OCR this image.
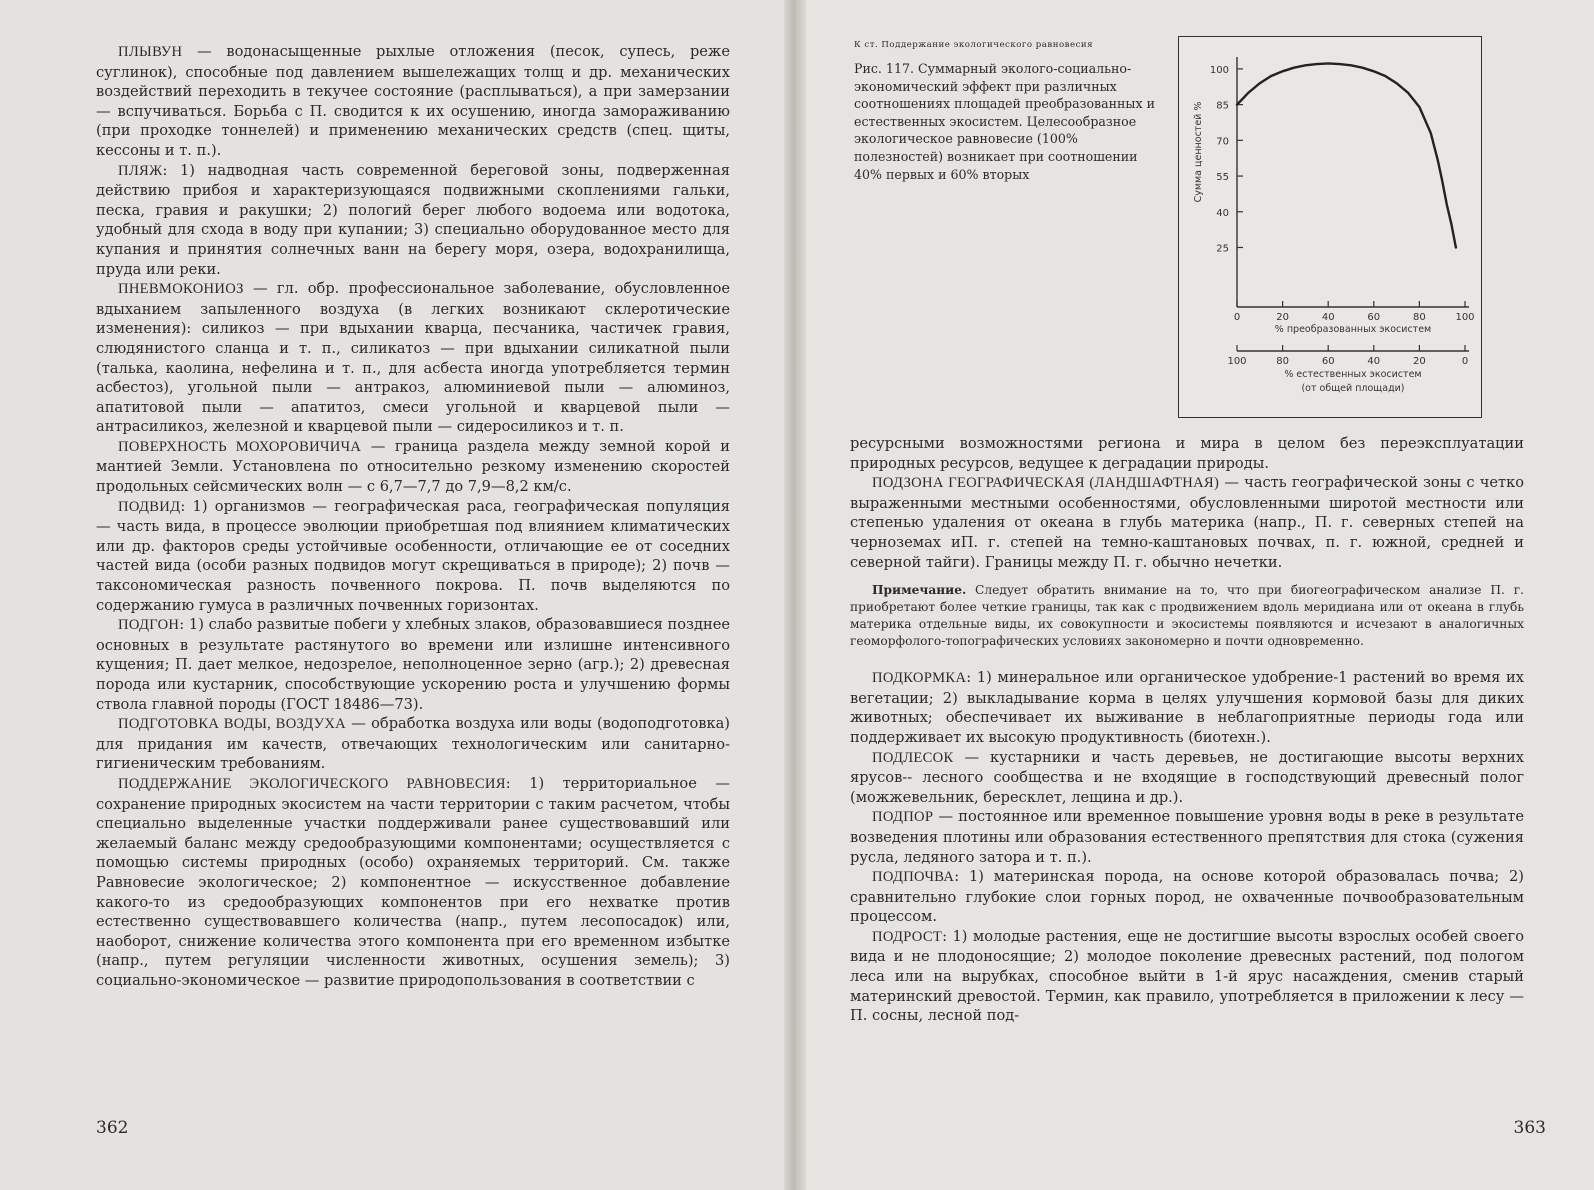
ПЛЫВУН — водонасыщенные рыхлые отложения (песок, супесь, реже суглинок), способные под давлением вышележащих толщ и др. механических воздействий переходить в текучее состояние (расплываться), а при замерзании — вспучиваться. Борьба с П. сводится к их осушению, иногда замораживанию (при проходке тоннелей) и применению механических средств (спец. щиты, кессоны и т. п.).

ПЛЯЖ: 1) надводная часть современной береговой зоны, подверженная действию прибоя и характеризующаяся подвижными скоплениями гальки, песка, гравия и ракушки; 2) пологий берег любого водоема или водотока, удобный для схода в воду при купании; 3) специально оборудованное место для купания и принятия солнечных ванн на берегу моря, озера, водохранилища, пруда или реки.

ПНЕВМОКОНИОЗ — гл. обр. профессиональное заболевание, обусловленное вдыханием запыленного воздуха (в легких возникают склеротические изменения): силикоз — при вдыхании кварца, песчаника, частичек гравия, слюдянистого сланца и т. п., силикатоз — при вдыхании силикатной пыли (талька, каолина, нефелина и т. п., для асбеста иногда употребляется термин асбестоз), угольной пыли — антракоз, алюминиевой пыли — алюминоз, апатитовой пыли — апатитоз, смеси угольной и кварцевой пыли — антрасиликоз, железной и кварцевой пыли — сидеросиликоз и т. п.

ПОВЕРХНОСТЬ МОХОРОВИЧИЧА — граница раздела между земной корой и мантией Земли. Установлена по относительно резкому изменению скоростей продольных сейсмических волн — с 6,7—7,7 до 7,9—8,2 км/с.

ПОДВИД: 1) организмов — географическая раса, географическая популяция — часть вида, в процессе эволюции приобретшая под влиянием климатических или др. факторов среды устойчивые особенности, отличающие ее от соседних частей вида (особи разных подвидов могут скрещиваться в природе); 2) почв — таксономическая разность почвенного покрова. П. почв выделяются по содержанию гумуса в различных почвенных горизонтах.

ПОДГОН: 1) слабо развитые побеги у хлебных злаков, образовавшиеся позднее основных в результате растянутого во времени или излишне интенсивного кущения; П. дает мелкое, недозрелое, неполноценное зерно (агр.); 2) древесная порода или кустарник, способствующие ускорению роста и улучшению формы ствола главной породы (ГОСТ 18486—73).

ПОДГОТОВКА ВОДЫ, ВОЗДУХА — обработка воздуха или воды (водоподготовка) для придания им качеств, отвечающих технологическим или санитарно-гигиеническим требованиям.

ПОДДЕРЖАНИЕ ЭКОЛОГИЧЕСКОГО РАВНОВЕСИЯ: 1) территориальное — сохранение природных экосистем на части территории с таким расчетом, чтобы специально выделенные участки поддерживали ранее существовавший или желаемый баланс между средообразующими компонентами; осуществляется с помощью системы природных (особо) охраняемых территорий. См. также Равновесие экологическое; 2) компонентное — искусственное добавление какого-то из средообразующих компонентов при его нехватке против естественно существовавшего количества (напр., путем лесопосадок) или, наоборот, снижение количества этого компонента при его временном избытке (напр., путем регуляции численности животных, осушения земель); 3) социально-экономическое — развитие природопользования в соответствии с

362
К ст. Поддержание экологического равновесия

Рис. 117. Суммарный эколого-социально-экономический эффект при различных соотношениях площадей преобразованных и естественных экосистем. Целесообразное экологическое равновесие (100% полезностей) возникает при соотношении 40% первых и 60% вторых

100
85
70
55
40
25
0	20	40	60	80	100
% преобразованных экосистем
100	80	60	40	20	0
% естественных экосистем
(от общей площади)
Сумма ценностей %

ресурсными возможностями региона и мира в целом без переэксплуатации природных ресурсов, ведущее к деградации природы.

ПОДЗОНА ГЕОГРАФИЧЕСКАЯ (ЛАНДШАФТНАЯ) — часть географической зоны с четко выраженными местными особенностями, обусловленными широтой местности или степенью удаления от океана в глубь материка (напр., П. г. северных степей на черноземах иП. г. степей на темно-каштановых почвах, п. г. южной, средней и северной тайги). Границы между П. г. обычно нечетки.

Примечание. Следует обратить внимание на то, что при биогеографическом анализе П. г. приобретают более четкие границы, так как с продвижением вдоль меридиана или от океана в глубь материка отдельные виды, их совокупности и экосистемы появляются и исчезают в аналогичных геоморфолого-топографических условиях закономерно и почти одновременно.

ПОДКОРМКА: 1) минеральное или органическое удобрение-1 растений во время их вегетации; 2) выкладывание корма в целях улучшения кормовой базы для диких животных; обеспечивает их выживание в неблагоприятные периоды года или поддерживает их высокую продуктивность (биотехн.).

ПОДЛЕСОК — кустарники и часть деревьев, не достигающие высоты верхних ярусов-- лесного сообщества и не входящие в господствующий древесный полог (можжевельник, бересклет, лещина и др.).

ПОДПОР — постоянное или временное повышение уровня воды в реке в результате возведения плотины или образования естественного препятствия для стока (сужения русла, ледяного затора и т. п.).

ПОДПОЧВА: 1) материнская порода, на основе которой образовалась почва; 2) сравнительно глубокие слои горных пород, не охваченные почвообразовательным процессом.

ПОДРОСТ: 1) молодые растения, еще не достигшие высоты взрослых особей своего вида и не плодоносящие; 2) молодое поколение древесных растений, под пологом леса или на вырубках, способное выйти в 1-й ярус насаждения, сменив старый материнский древостой. Термин, как правило, употребляется в приложении к лесу — П. сосны, лесной под-

363
